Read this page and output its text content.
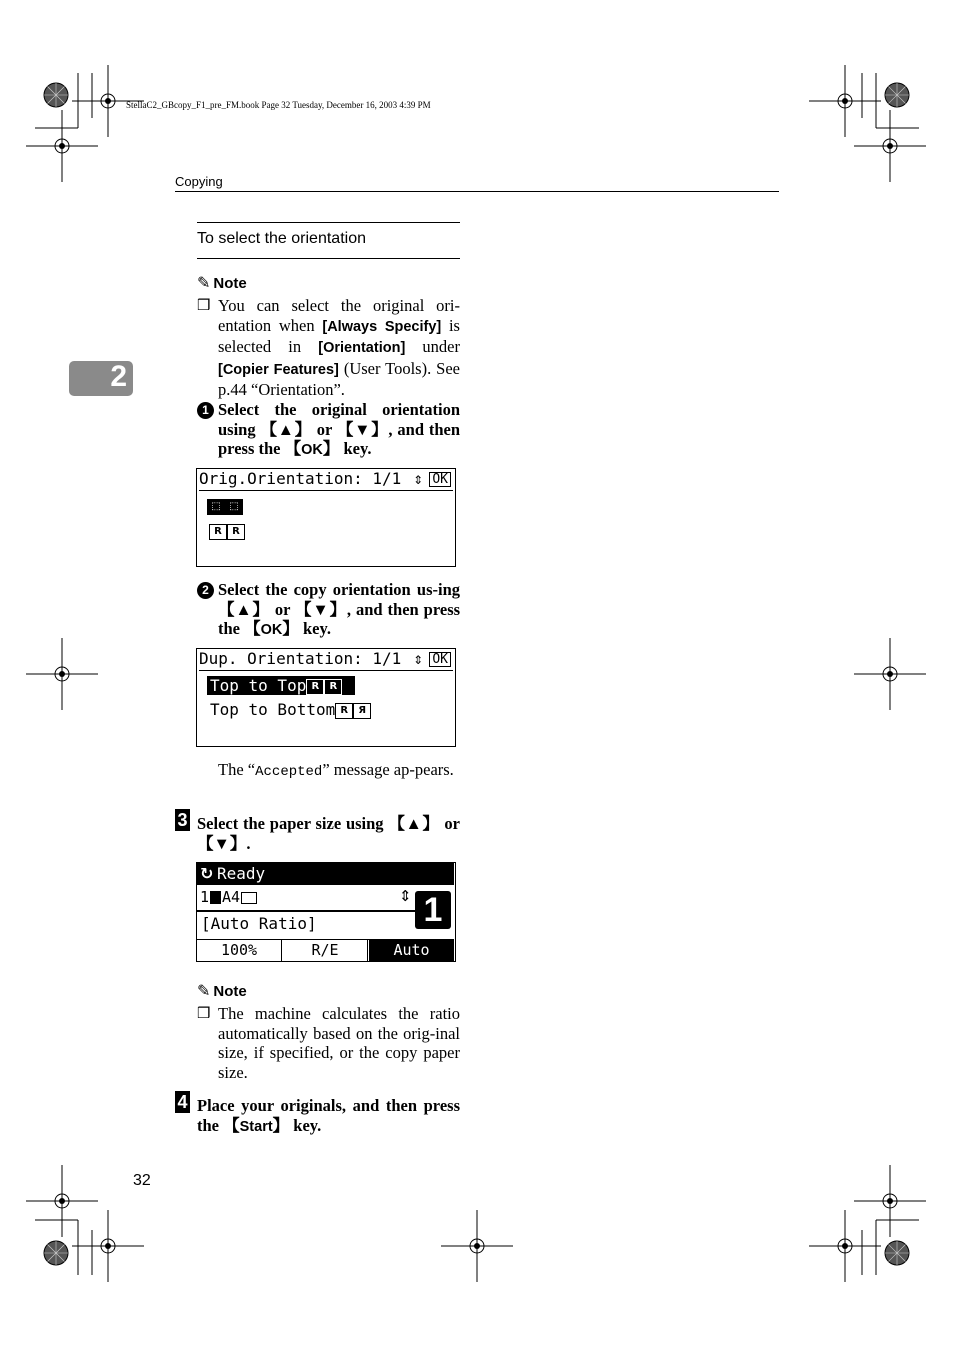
StellaC2_GBcopy_F1_pre_FM.book Page 32 Tuesday, December 16, 2003 4:39 PM
Copying
2
To select the orientation
✎ Note
❒ You can select the original ori-entation when [Always Specify] is selected in [Orientation] under [Copier Features] (User Tools). See p.44 “Orientation”.
1 Select the original orientation using 【▲】 or 【▼】, and then press the 【OK】 key.
Orig.Orientation: 1/1 ⇕ OK
⬚ ⬚
R R
2 Select the copy orientation us-ing 【▲】 or 【▼】, and then press the 【OK】 key.
Dup. Orientation: 1/1 ⇕ OK
Top to Top R R
Top to Bottom R Я
The “Accepted” message ap-pears.
3 Select the paper size using 【▲】 or 【▼】.
↻ Ready
1 A4	⇕
[Auto Ratio]	1
100%	R/E	Auto
✎ Note
❒ The machine calculates the ratio automatically based on the orig-inal size, if specified, or the copy paper size.
4 Place your originals, and then press the 【Start】 key.
32
